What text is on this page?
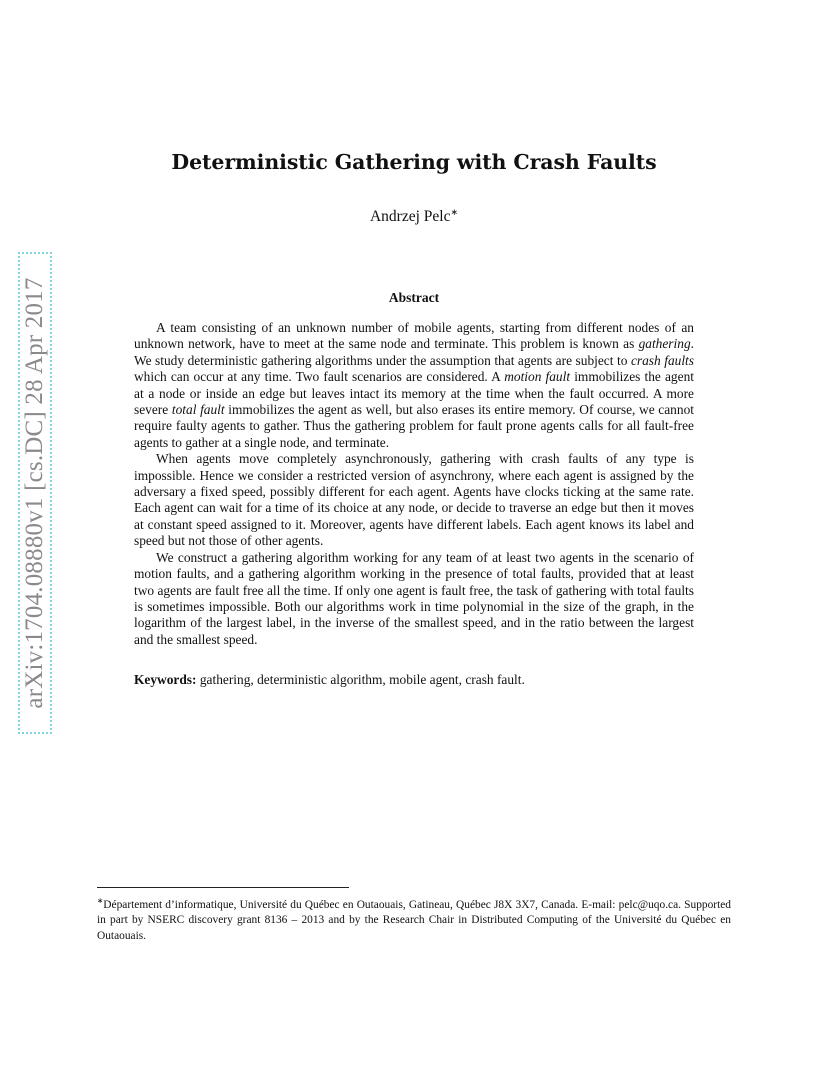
arXiv:1704.08880v1 [cs.DC] 28 Apr 2017
Deterministic Gathering with Crash Faults
Andrzej Pelc∗
Abstract

A team consisting of an unknown number of mobile agents, starting from different nodes of an unknown network, have to meet at the same node and terminate. This problem is known as gathering. We study deterministic gathering algorithms under the assumption that agents are subject to crash faults which can occur at any time. Two fault scenarios are considered. A motion fault immobilizes the agent at a node or inside an edge but leaves intact its memory at the time when the fault occurred. A more severe total fault immobilizes the agent as well, but also erases its entire memory. Of course, we cannot require faulty agents to gather. Thus the gathering problem for fault prone agents calls for all fault-free agents to gather at a single node, and terminate.

When agents move completely asynchronously, gathering with crash faults of any type is impossible. Hence we consider a restricted version of asynchrony, where each agent is assigned by the adversary a fixed speed, possibly different for each agent. Agents have clocks ticking at the same rate. Each agent can wait for a time of its choice at any node, or decide to traverse an edge but then it moves at constant speed assigned to it. Moreover, agents have different labels. Each agent knows its label and speed but not those of other agents.

We construct a gathering algorithm working for any team of at least two agents in the scenario of motion faults, and a gathering algorithm working in the presence of total faults, provided that at least two agents are fault free all the time. If only one agent is fault free, the task of gathering with total faults is sometimes impossible. Both our algorithms work in time polynomial in the size of the graph, in the logarithm of the largest label, in the inverse of the smallest speed, and in the ratio between the largest and the smallest speed.

Keywords: gathering, deterministic algorithm, mobile agent, crash fault.
∗Département d’informatique, Université du Québec en Outaouais, Gatineau, Québec J8X 3X7, Canada. E-mail: pelc@uqo.ca. Supported in part by NSERC discovery grant 8136 – 2013 and by the Research Chair in Distributed Computing of the Université du Québec en Outaouais.
